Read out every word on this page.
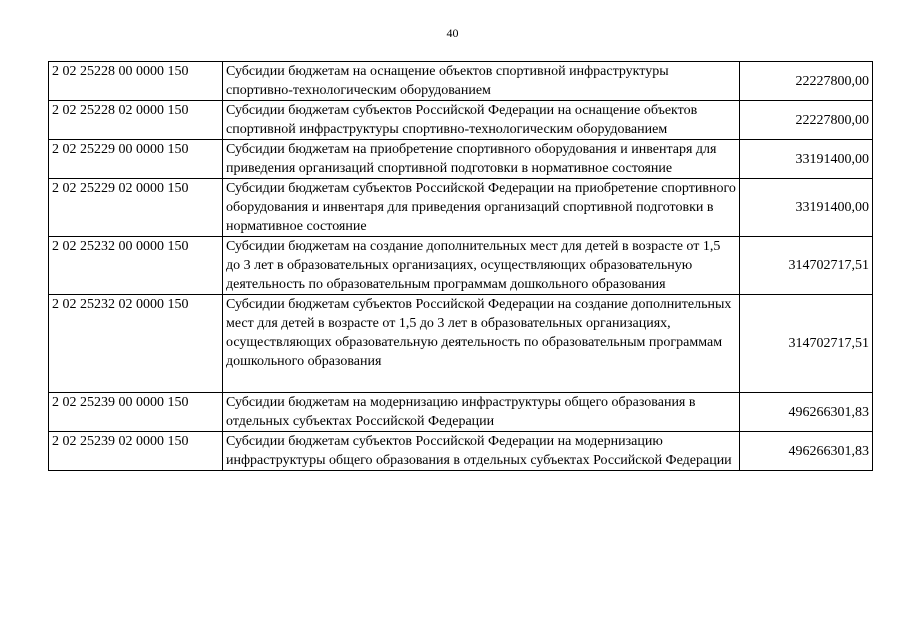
40
2 02 25228 00 0000 150	Субсидии бюджетам на оснащение объектов спортивной инфраструктуры спортивно-технологическим оборудованием	22227800,00
2 02 25228 02 0000 150	Субсидии бюджетам субъектов Российской Федерации на оснащение объектов спортивной инфраструктуры спортивно-технологическим оборудованием	22227800,00
2 02 25229 00 0000 150	Субсидии бюджетам на приобретение спортивного оборудования и инвентаря для приведения организаций спортивной подготовки в нормативное состояние	33191400,00
2 02 25229 02 0000 150	Субсидии бюджетам субъектов Российской Федерации на приобретение спортивного оборудования и инвентаря для приведения организаций спортивной подготовки в нормативное состояние	33191400,00
2 02 25232 00 0000 150	Субсидии бюджетам на создание дополнительных мест для детей в возрасте от 1,5 до 3 лет в образовательных организациях, осуществляющих образовательную деятельность по образовательным программам дошкольного образования	314702717,51
2 02 25232 02 0000 150	Субсидии бюджетам субъектов Российской Федерации на создание дополнительных мест для детей в возрасте от 1,5 до 3 лет в образовательных организациях, осуществляющих образовательную деятельность по образовательным программам дошкольного образования	314702717,51
2 02 25239 00 0000 150	Субсидии бюджетам на модернизацию инфраструктуры общего образования в отдельных субъектах Российской Федерации	496266301,83
2 02 25239 02 0000 150	Субсидии бюджетам субъектов Российской Федерации на модернизацию инфраструктуры общего образования в отдельных субъектах Российской Федерации	496266301,83
